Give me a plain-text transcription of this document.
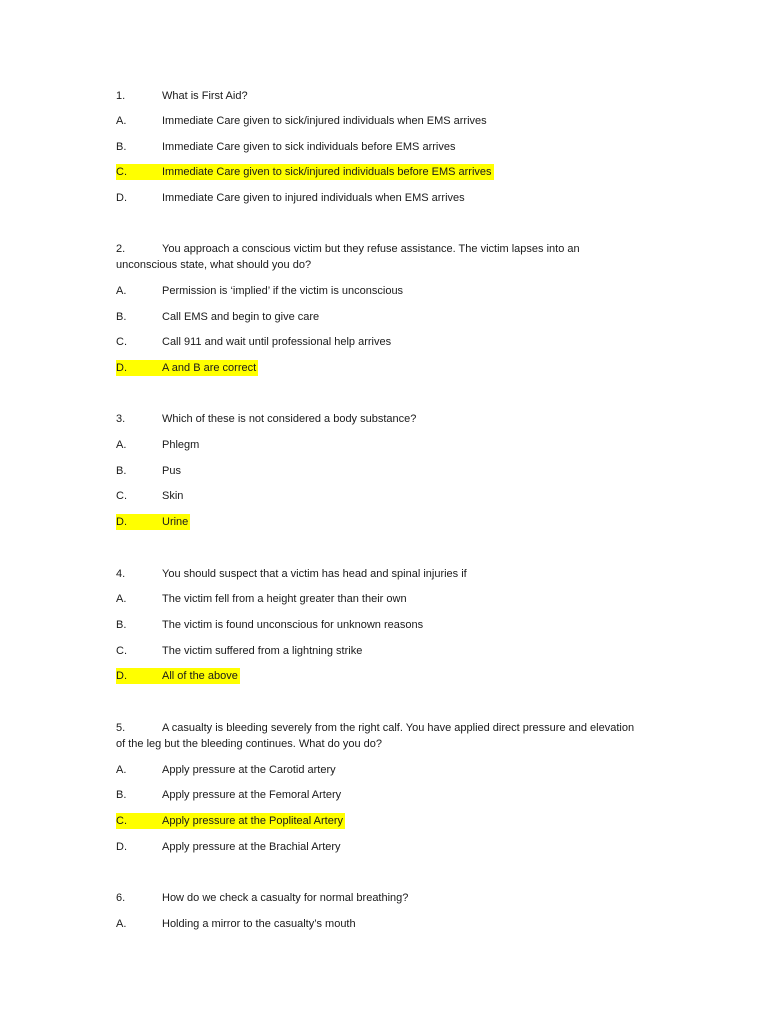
1.	What is First Aid?
A.	Immediate Care given to sick/injured individuals when EMS arrives
B.	Immediate Care given to sick individuals before EMS arrives
C.	Immediate Care given to sick/injured individuals before EMS arrives
D.	Immediate Care given to injured individuals when EMS arrives
2.	You approach a conscious victim but they refuse assistance. The victim lapses into an unconscious state, what should you do?
A.	Permission is ‘implied’ if the victim is unconscious
B.	Call EMS and begin to give care
C.	Call 911 and wait until professional help arrives
D.	A and B are correct
3.	Which of these is not considered a body substance?
A.	Phlegm
B.	Pus
C.	Skin
D.	Urine
4.	You should suspect that a victim has head and spinal injuries if
A.	The victim fell from a height greater than their own
B.	The victim is found unconscious for unknown reasons
C.	The victim suffered from a lightning strike
D.	All of the above
5.	A casualty is bleeding severely from the right calf. You have applied direct pressure and elevation of the leg but the bleeding continues. What do you do?
A.	Apply pressure at the Carotid artery
B.	Apply pressure at the Femoral Artery
C.	Apply pressure at the Popliteal Artery
D.	Apply pressure at the Brachial Artery
6.	How do we check a casualty for normal breathing?
A.	Holding a mirror to the casualty’s mouth
